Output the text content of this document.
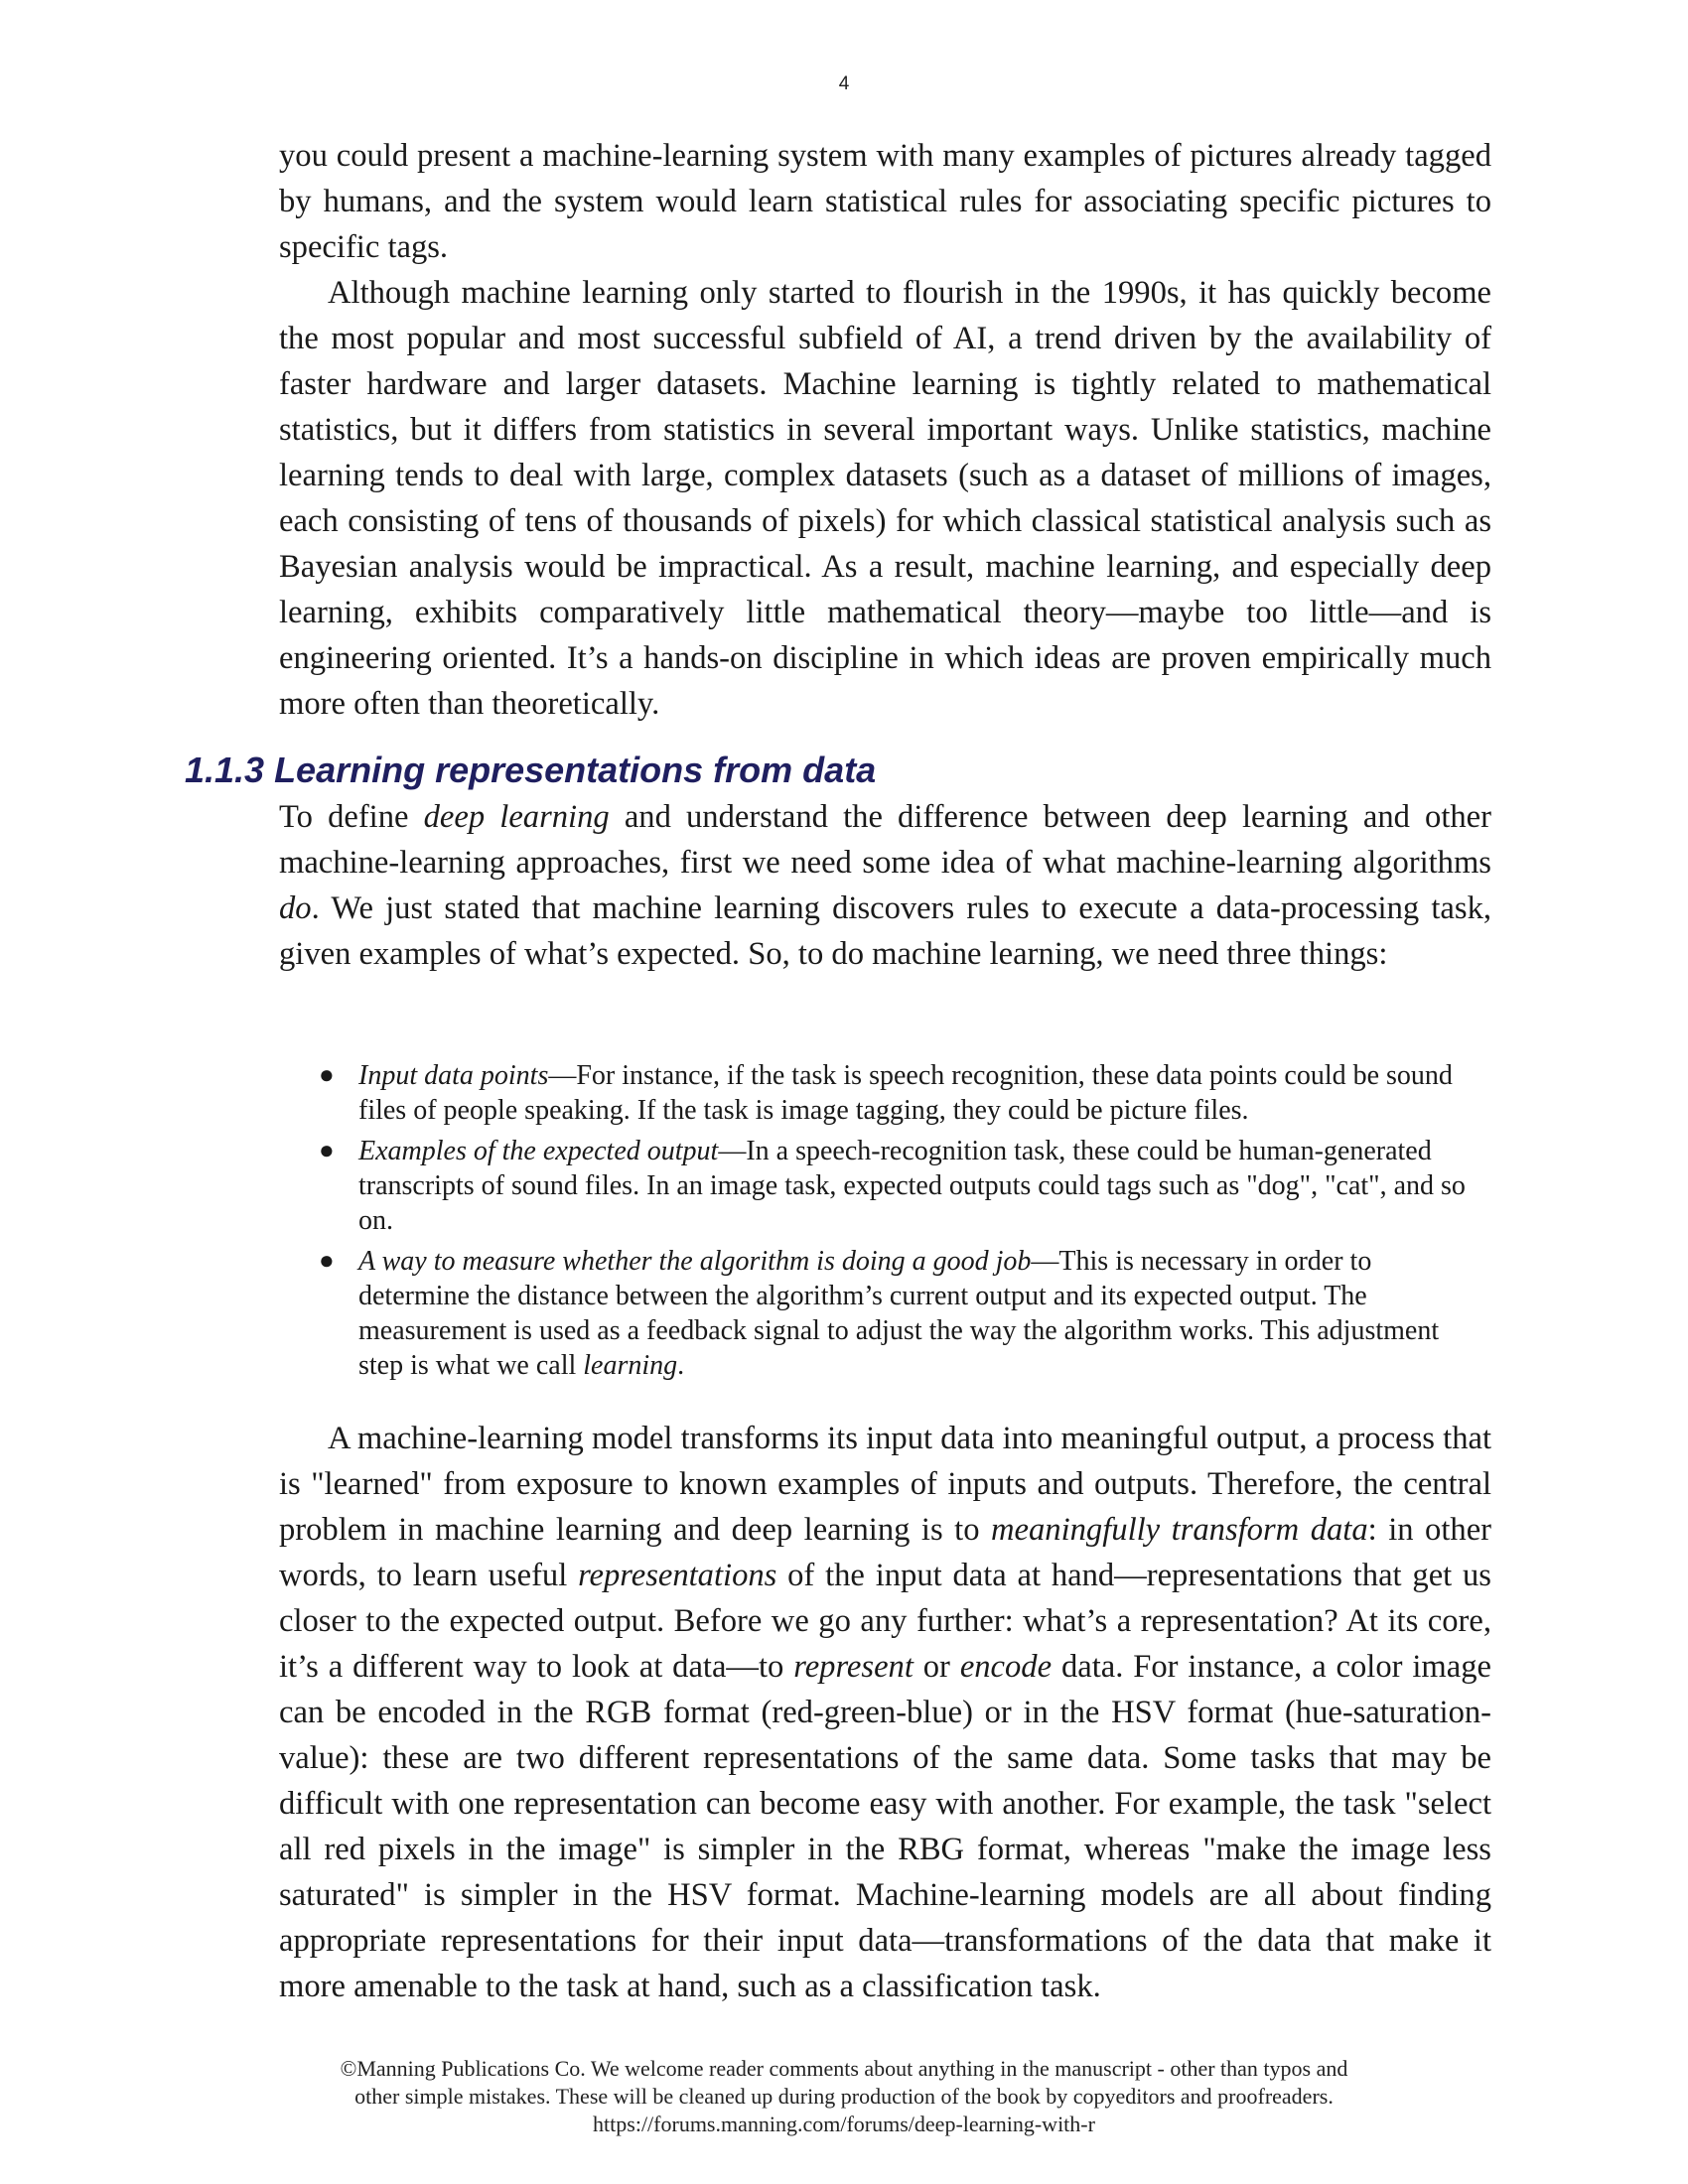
4

you could present a machine-learning system with many examples of pictures already tagged by humans, and the system would learn statistical rules for associating specific pictures to specific tags.

Although machine learning only started to flourish in the 1990s, it has quickly become the most popular and most successful subfield of AI, a trend driven by the availability of faster hardware and larger datasets. Machine learning is tightly related to mathematical statistics, but it differs from statistics in several important ways. Unlike statistics, machine learning tends to deal with large, complex datasets (such as a dataset of millions of images, each consisting of tens of thousands of pixels) for which classical statistical analysis such as Bayesian analysis would be impractical. As a result, machine learning, and especially deep learning, exhibits comparatively little mathematical theory—maybe too little—and is engineering oriented. It’s a hands-on discipline in which ideas are proven empirically much more often than theoretically.

1.1.3 Learning representations from data

To define deep learning and understand the difference between deep learning and other machine-learning approaches, first we need some idea of what machine-learning algorithms do. We just stated that machine learning discovers rules to execute a data-processing task, given examples of what’s expected. So, to do machine learning, we need three things:

● Input data points—For instance, if the task is speech recognition, these data points could be sound files of people speaking. If the task is image tagging, they could be picture files.
● Examples of the expected output—In a speech-recognition task, these could be human-generated transcripts of sound files. In an image task, expected outputs could tags such as "dog", "cat", and so on.
● A way to measure whether the algorithm is doing a good job—This is necessary in order to determine the distance between the algorithm’s current output and its expected output. The measurement is used as a feedback signal to adjust the way the algorithm works. This adjustment step is what we call learning.

A machine-learning model transforms its input data into meaningful output, a process that is "learned" from exposure to known examples of inputs and outputs. Therefore, the central problem in machine learning and deep learning is to meaningfully transform data: in other words, to learn useful representations of the input data at hand—representations that get us closer to the expected output. Before we go any further: what’s a representation? At its core, it’s a different way to look at data—to represent or encode data. For instance, a color image can be encoded in the RGB format (red-green-blue) or in the HSV format (hue-saturation-value): these are two different representations of the same data. Some tasks that may be difficult with one representation can become easy with another. For example, the task "select all red pixels in the image" is simpler in the RBG format, whereas "make the image less saturated" is simpler in the HSV format. Machine-learning models are all about finding appropriate representations for their input data—transformations of the data that make it more amenable to the task at hand, such as a classification task.

©Manning Publications Co. We welcome reader comments about anything in the manuscript - other than typos and
other simple mistakes. These will be cleaned up during production of the book by copyeditors and proofreaders.
https://forums.manning.com/forums/deep-learning-with-r
